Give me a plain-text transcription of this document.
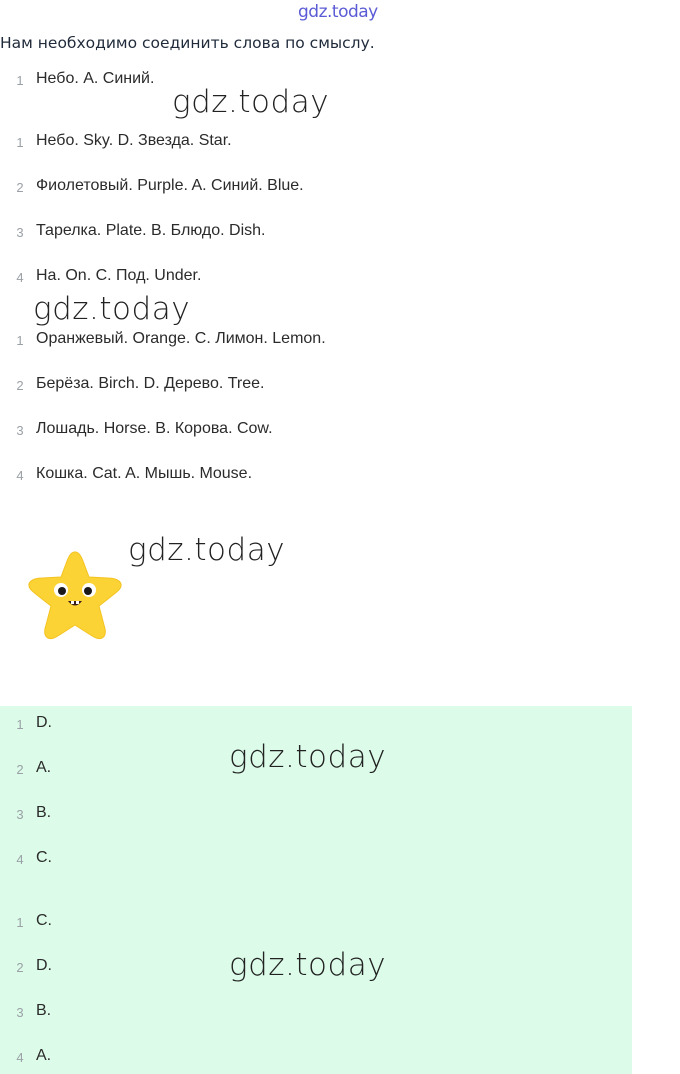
gdz.today
Нам необходимо соединить слова по смыслу.
1 Небо. А. Синий.
gdz.today
1 Небо. Sky. D. Звезда. Star.
2 Фиолетовый. Purple. A. Синий. Blue.
3 Тарелка. Plate. B. Блюдо. Dish.
4 На. On. C. Под. Under.
gdz.today
1 Оранжевый. Orange. C. Лимон. Lemon.
2 Берёза. Birch. D. Дерево. Tree.
3 Лошадь. Horse. B. Корова. Cow.
4 Кошка. Cat. A. Мышь. Mouse.
gdz.today
1 D.
2 A.
3 B.
4 C.
gdz.today
1 C.
2 D.
3 B.
4 A.
gdz.today
